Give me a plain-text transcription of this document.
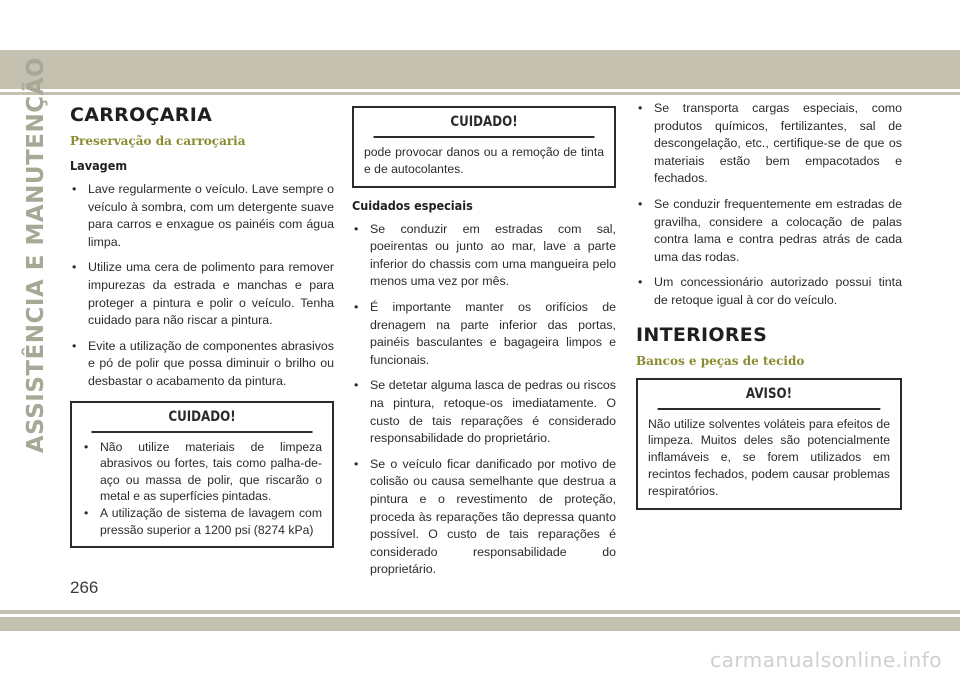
ASSISTÊNCIA E MANUTENÇÃO CARROÇARIA
Preservação da carroçaria
Lavagem
• Lave regularmente o veículo. Lave sempre o veículo à sombra, com um detergente suave para carros e enxague os painéis com água limpa.
• Utilize uma cera de polimento para remover impurezas da estrada e manchas e para proteger a pintura e polir o veículo. Tenha cuidado para não riscar a pintura.
• Evite a utilização de componentes abrasivos e pó de polir que possa diminuir o brilho ou desbastar o acabamento da pintura.
CUIDADO!
• Não utilize materiais de limpeza abrasivos ou fortes, tais como palha-de-aço ou massa de polir, que riscarão o metal e as superfícies pintadas.
• A utilização de sistema de lavagem com pressão superior a 1200 psi (8274 kPa)
CUIDADO!

pode provocar danos ou a remoção de tinta e de autocolantes.

Cuidados especiais
• Se conduzir em estradas com sal, poeirentas ou junto ao mar, lave a parte inferior do chassis com uma mangueira pelo menos uma vez por mês.
• É importante manter os orifícios de drenagem na parte inferior das portas, painéis basculantes e bagageira limpos e funcionais.
• Se detetar alguma lasca de pedras ou riscos na pintura, retoque-os imediatamente. O custo de tais reparações é considerado responsabilidade do proprietário.
• Se o veículo ficar danificado por motivo de colisão ou causa semelhante que destrua a pintura e o revestimento de proteção, proceda às reparações tão depressa quanto possível. O custo de tais reparações é considerado responsabilidade do proprietário.
• Se transporta cargas especiais, como produtos químicos, fertilizantes, sal de descongelação, etc., certifique-se de que os materiais estão bem empacotados e fechados.
• Se conduzir frequentemente em estradas de gravilha, considere a colocação de palas contra lama e contra pedras atrás de cada uma das rodas.
• Um concessionário autorizado possui tinta de retoque igual à cor do veículo.
INTERIORES
Bancos e peças de tecido
AVISO!

Não utilize solventes voláteis para efeitos de limpeza. Muitos deles são potencialmente inflamáveis e, se forem utilizados em recintos fechados, podem causar problemas respiratórios.

266
carmanualsonline.info
